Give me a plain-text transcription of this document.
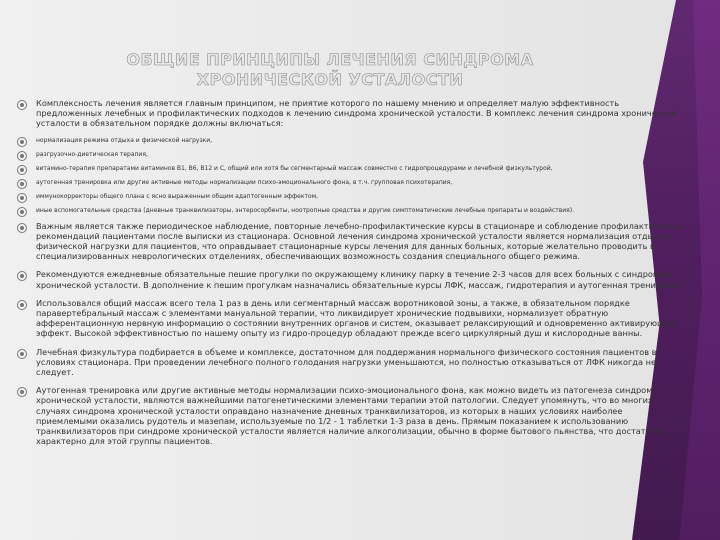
ОБЩИЕ ПРИНЦИПЫ ЛЕЧЕНИЯ СИНДРОМА ХРОНИЧЕСКОЙ УСТАЛОСТИ
Комплексность лечения является главным принципом, не приятие которого по нашему мнению и определяет малую эффективность предложенных лечебных и профилактических подходов к лечению синдрома хронической усталости. В комплекс лечения синдрома хронической усталости в обязательном порядке должны включаться:
нормализация режима отдыха и физической нагрузки,
разгрузочно-диетическая терапия,
витамино-терапия препаратами витаминов B1, B6, B12 и С, общий или хотя бы сегментарный массаж совместно с гидропроцедурами и лечебной физкультурой,
аутогенная тренировка или другие активные методы нормализации психо-эмоционального фона, в т.ч. групповая психотерапия,
иммунокорректоры общего плана с ясно выраженным общим адаптогенным эффектом,
иные вспомогательные средства (дневные транквилизаторы, энтеросорбенты, ноотропные средства и другие симптоматические лечебные препараты и воздействия).
Важным является также периодическое наблюдение, повторные лечебно-профилактические курсы в стационаре и соблюдение профилактических рекомендаций пациентами после выписки из стационара. Основной лечения синдрома хронической усталости является нормализация отдыха и физической нагрузки для пациентов, что оправдывает стационарные курсы лечения для данных больных, которые желательно проводить в специализированных неврологических отделениях, обеспечивающих возможность создания специального общего режима.
Рекомендуются ежедневные обязательные пешие прогулки по окружающему клинику парку в течение 2-3 часов для всех больных с синдромом хронической усталости. В дополнение к пешим прогулкам назначались обязательные курсы ЛФК, массаж, гидротерапия и аутогенная тренировка.
Использовался общий массаж всего тела 1 раз в день или сегментарный массаж воротниковой зоны, а также, в обязательном порядке паравертебральный массаж с элементами мануальной терапии, что ликвидирует хронические подвывихи, нормализует обратную афферентационную нервную информацию о состоянии внутренних органов и систем, оказывает релаксирующий и одновременно активирующий эффект. Высокой эффективностью по нашему опыту из гидро-процедур обладают прежде всего циркулярный душ и кислородные ванны.
Лечебная физкультура подбирается в объеме и комплексе, достаточном для поддержания нормального физического состояния пациентов в условиях стационара. При проведении лечебного полного голодания нагрузки уменьшаются, но полностью отказываться от ЛФК никогда не следует.
Аутогенная тренировка или другие активные методы нормализации психо-эмоционального фона, как можно видеть из патогенеза синдрома хронической усталости, являются важнейшими патогенетическими элементами терапии этой патологии. Следует упомянуть, что во многих случаях синдрома хронической усталости оправдано назначение дневных транквилизаторов, из которых в наших условиях наиболее приемлемыми оказались рудотель и мазепам, используемые по 1/2 - 1 таблетки 1-3 раза в день. Прямым показанием к использованию транквилизаторов при синдроме хронической усталости является наличие алкоголизации, обычно в форме бытового пьянства, что достаточно характерно для этой группы пациентов.
